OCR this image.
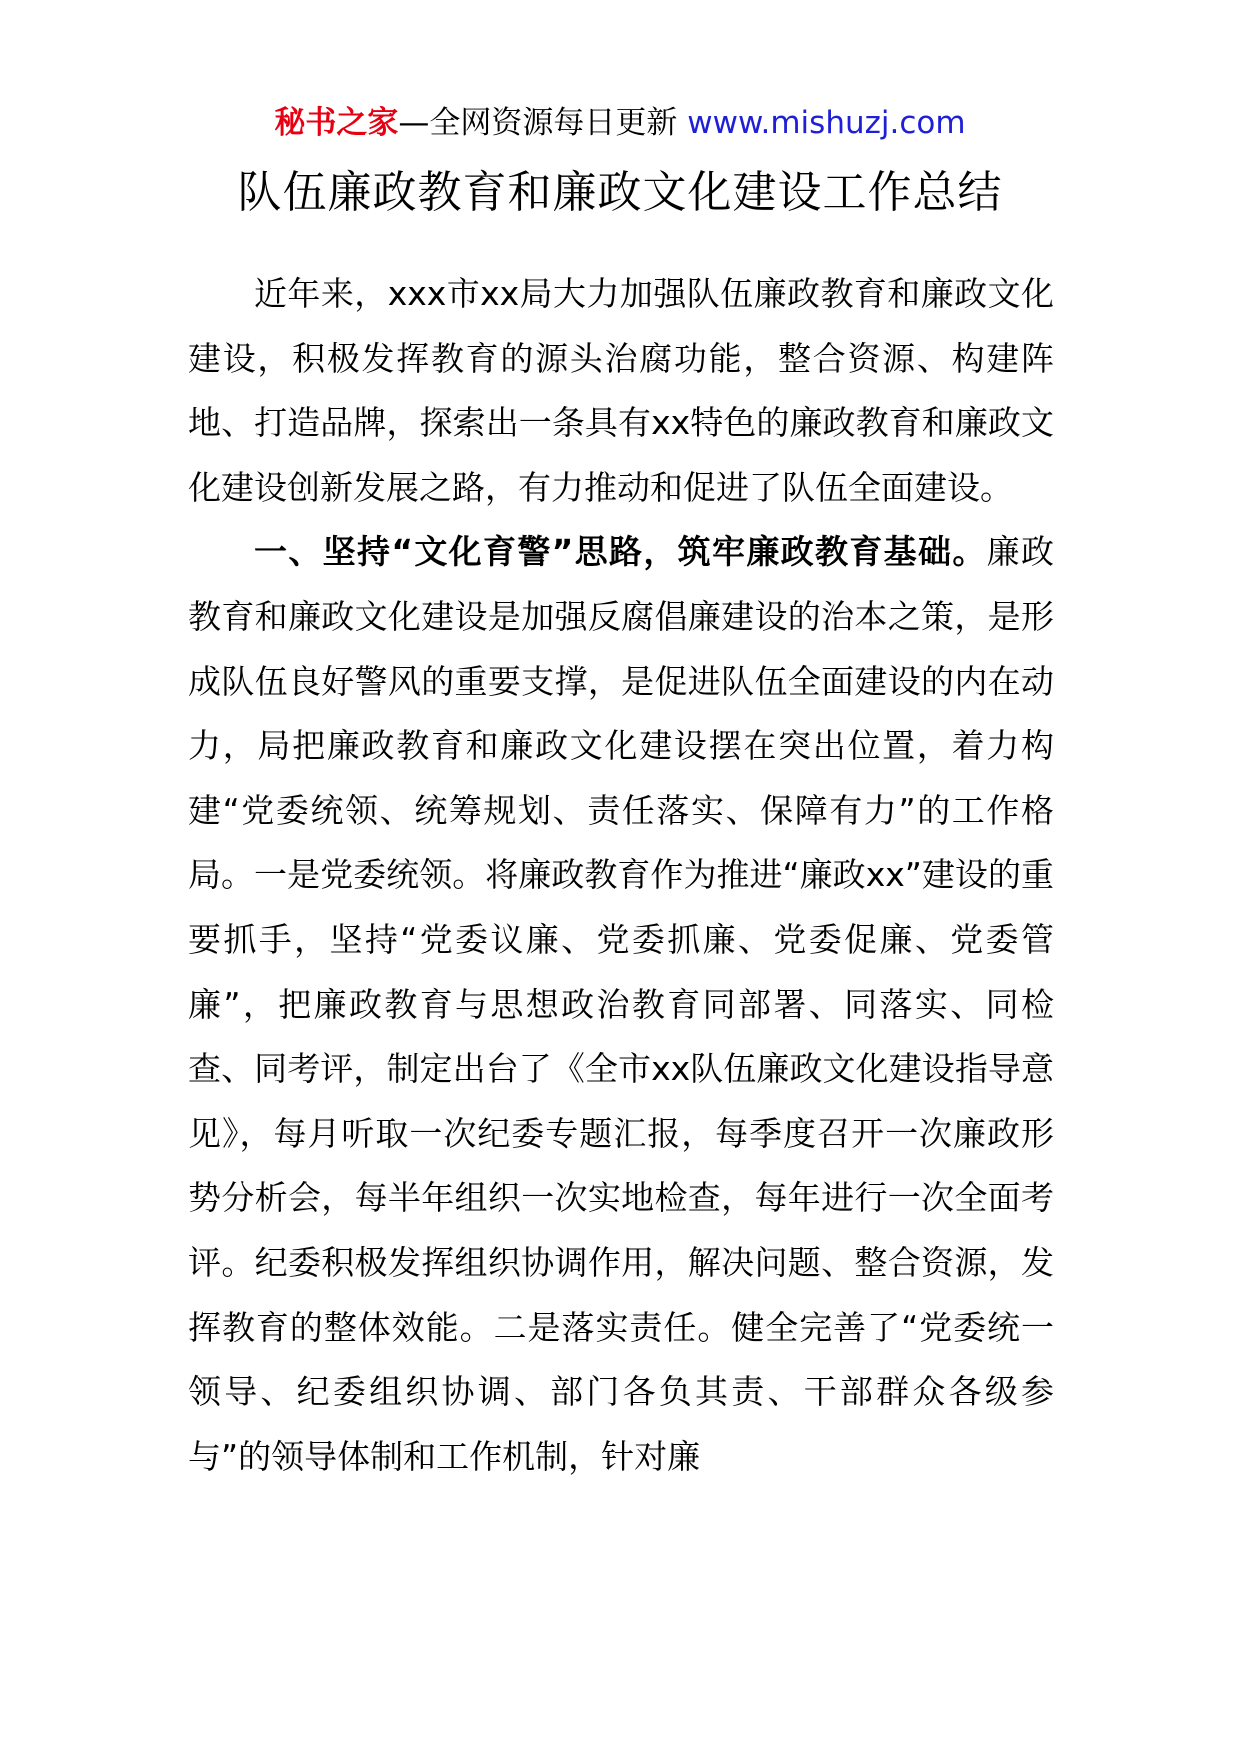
秘书之家—全网资源每日更新 www.mishuzj.com
队伍廉政教育和廉政文化建设工作总结

近年来，xxx市xx局大力加强队伍廉政教育和廉政文化建设，积极发挥教育的源头治腐功能，整合资源、构建阵地、打造品牌，探索出一条具有xx特色的廉政教育和廉政文化建设创新发展之路，有力推动和促进了队伍全面建设。

一、坚持“文化育警”思路，筑牢廉政教育基础。廉政教育和廉政文化建设是加强反腐倡廉建设的治本之策，是形成队伍良好警风的重要支撑，是促进队伍全面建设的内在动力，局把廉政教育和廉政文化建设摆在突出位置，着力构建“党委统领、统筹规划、责任落实、保障有力”的工作格局。一是党委统领。将廉政教育作为推进“廉政xx”建设的重要抓手，坚持“党委议廉、党委抓廉、党委促廉、党委管廉”，把廉政教育与思想政治教育同部署、同落实、同检查、同考评，制定出台了《全市xx队伍廉政文化建设指导意见》，每月听取一次纪委专题汇报，每季度召开一次廉政形势分析会，每半年组织一次实地检查，每年进行一次全面考评。纪委积极发挥组织协调作用，解决问题、整合资源，发挥教育的整体效能。二是落实责任。健全完善了“党委统一领导、纪委组织协调、部门各负其责、干部群众各级参与”的领导体制和工作机制，针对廉
